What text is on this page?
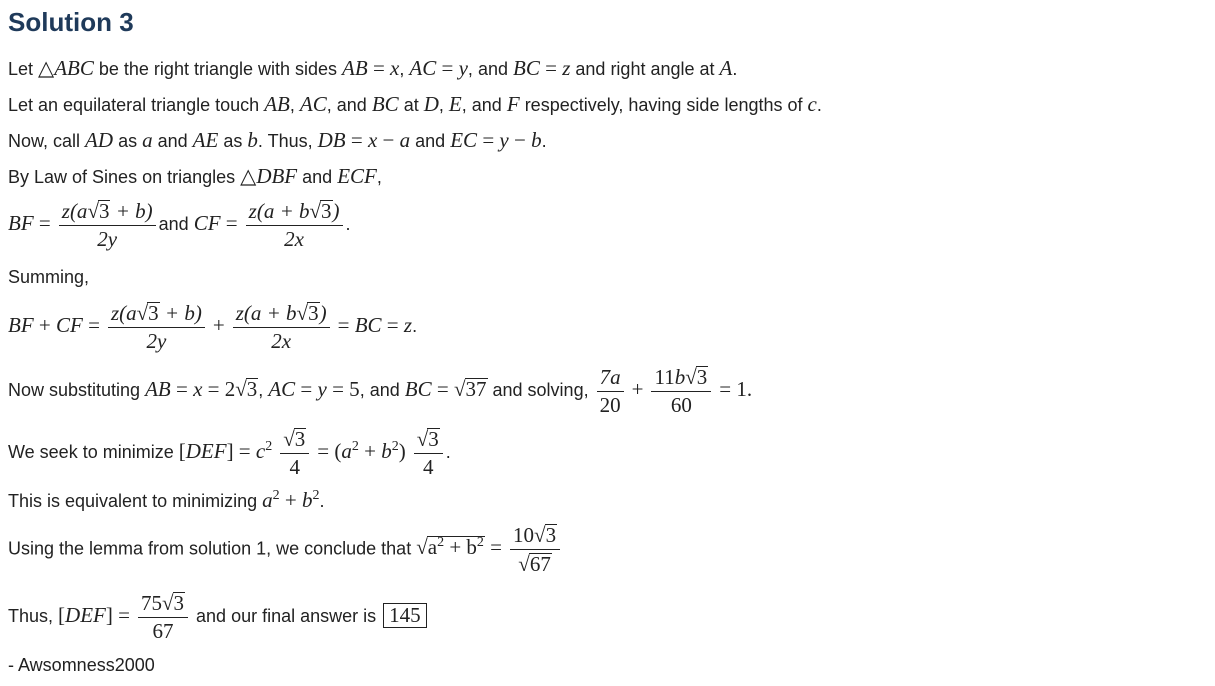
Solution 3
Let △ABC be the right triangle with sides AB = x, AC = y, and BC = z and right angle at A.
Let an equilateral triangle touch AB, AC, and BC at D, E, and F respectively, having side lengths of c.
Now, call AD as a and AE as b. Thus, DB = x − a and EC = y − b.
By Law of Sines on triangles △DBF and ECF,
BF = $\frac{z(a√3 + b)}{2y}$ and CF = $\frac{z(a + b√3)}{2x}$ .
Summing,
BF + CF = $\frac{z(a√3 + b)}{2y} + \frac{z(a + b√3)}{2x}$ = BC = z.
Now substituting AB = x = 2√3, AC = y = 5, and BC = √37 and solving, $\frac{7a}{20} + \frac{11b√3}{60} = 1$.
We seek to minimize $[DEF] = c^2 \frac{√3}{4} = (a^2 + b^2) \frac{√3}{4}$ .
This is equivalent to minimizing $a^2 + b^2$.
Using the lemma from solution 1, we conclude that $√a^2 + b^2 = \frac{10√3}{√67}$
Thus, $[DEF] = \frac{75√3}{67}$ and our final answer is 145
- Awsomness2000
